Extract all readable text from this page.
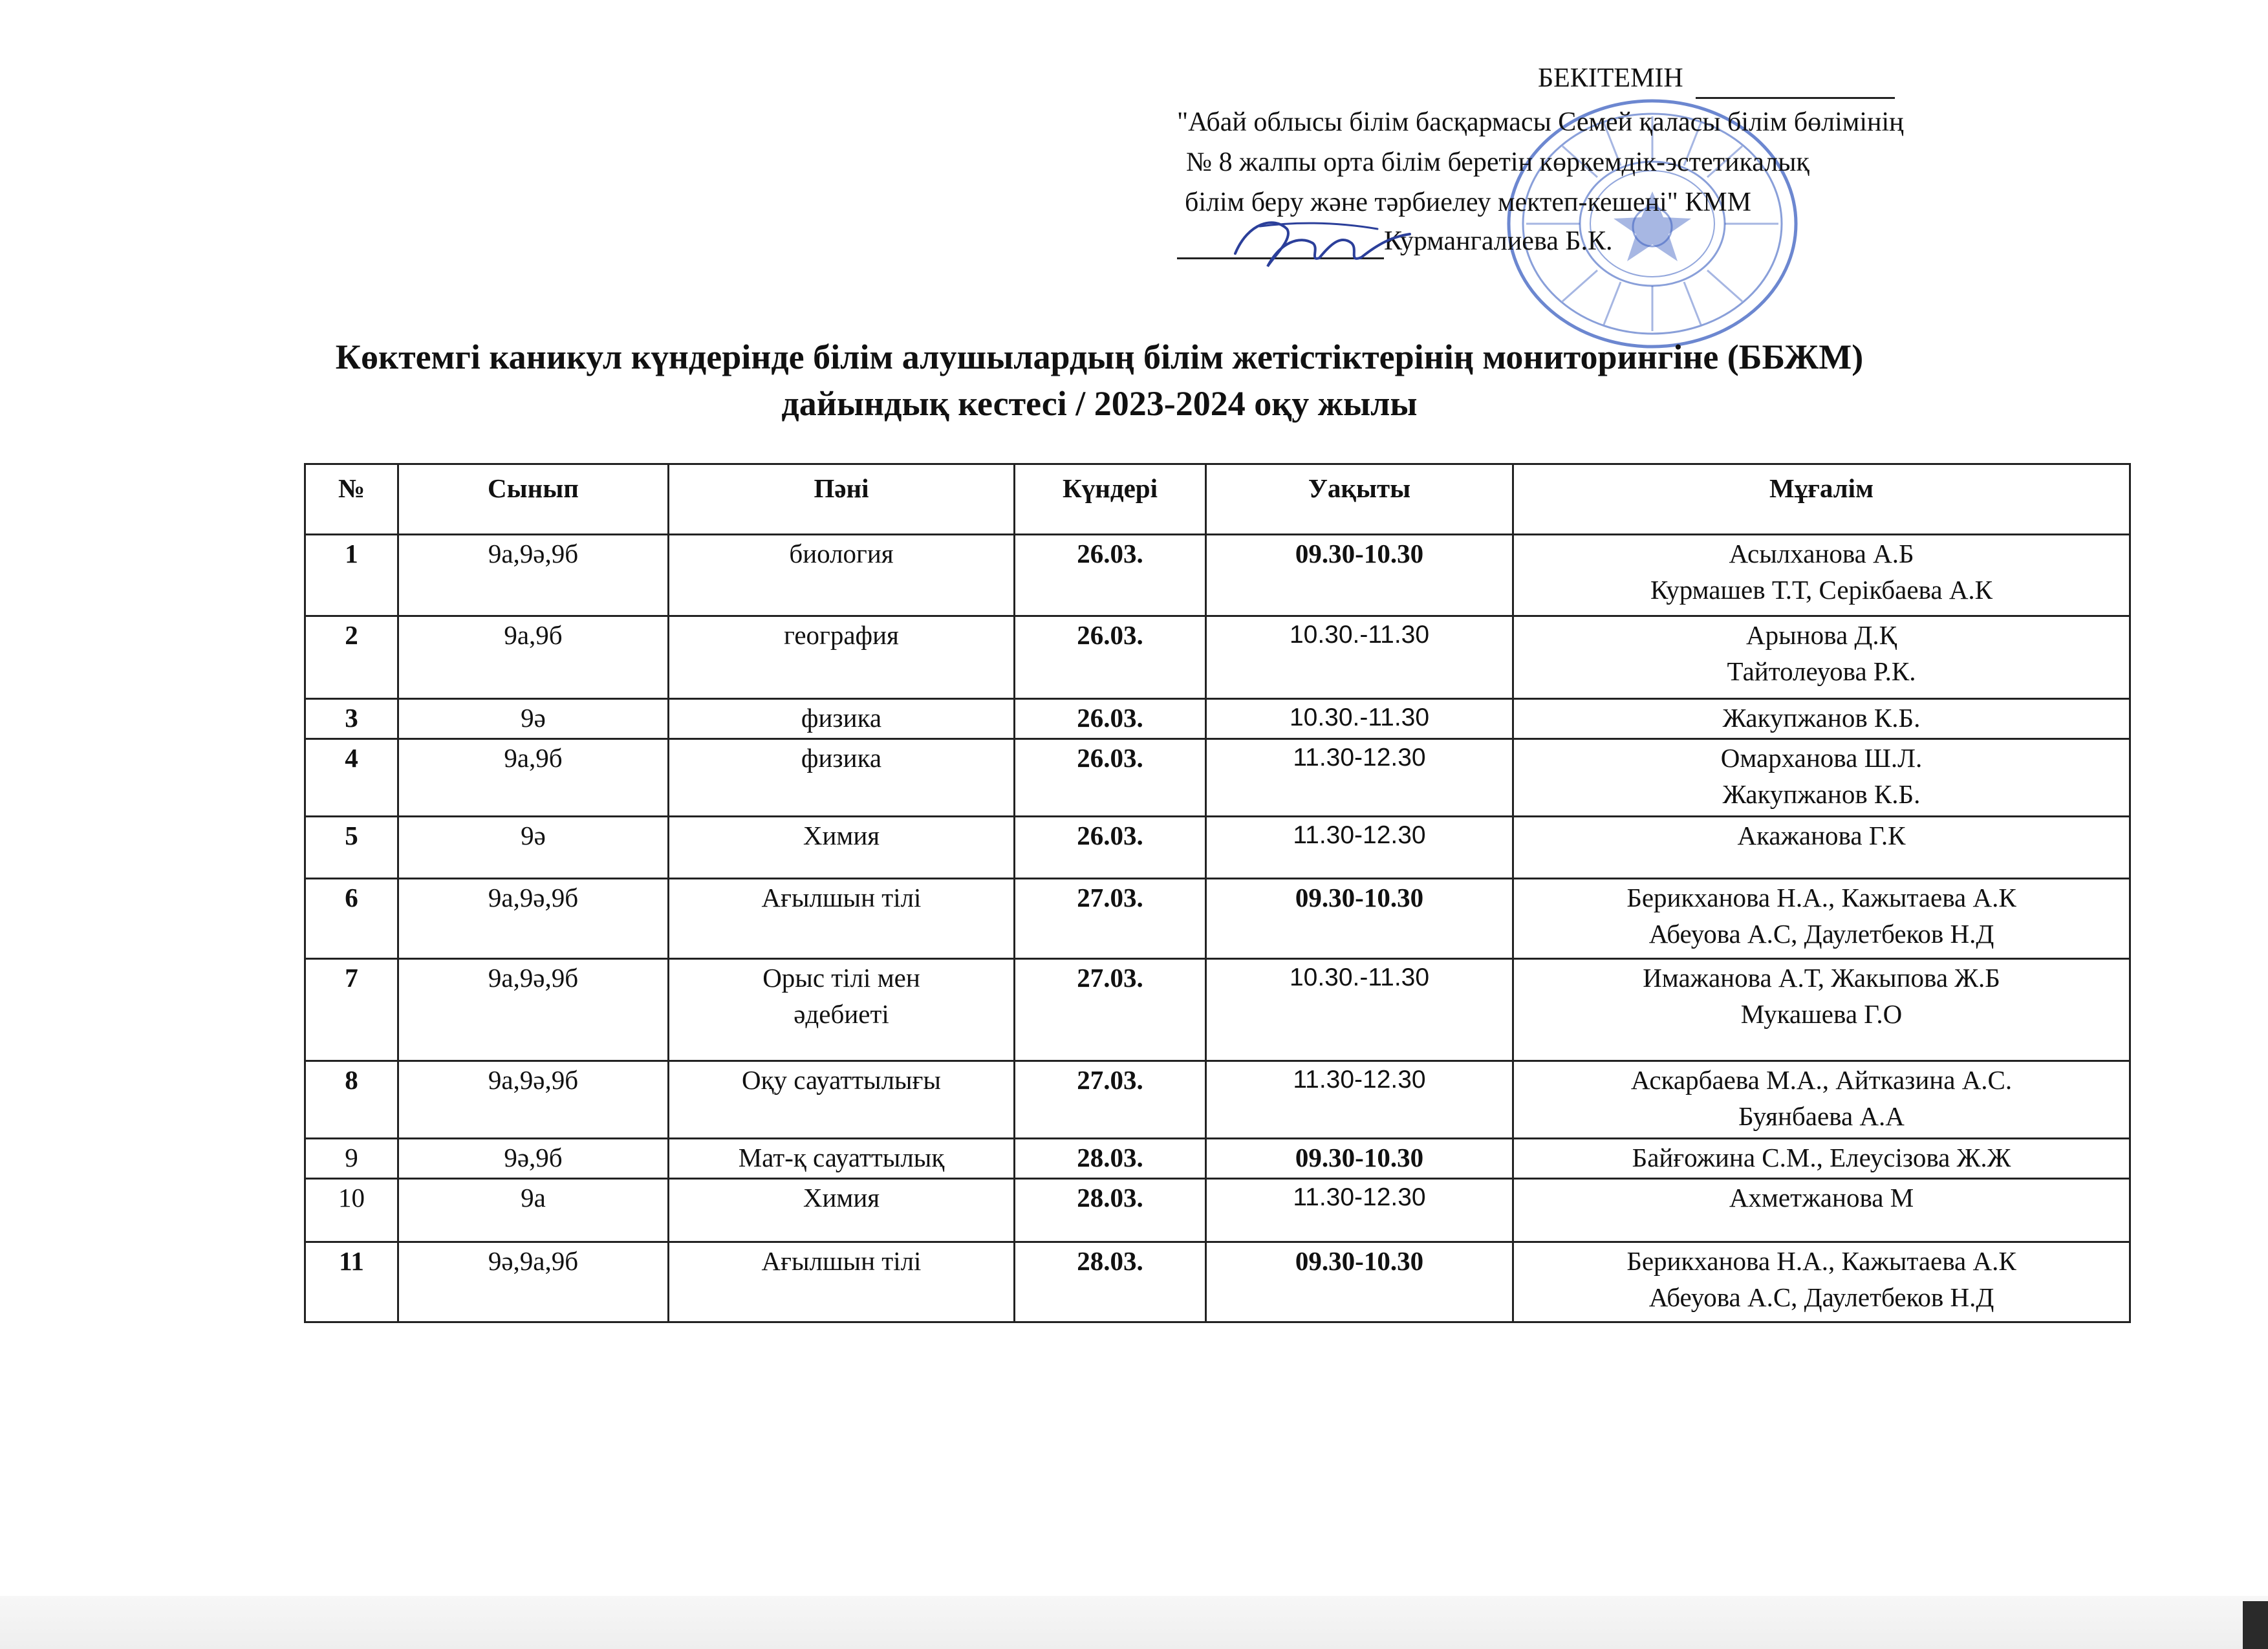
БЕКІТЕМІН
"Абай облысы білім басқармасы Семей қаласы білім бөлімінің
№ 8 жалпы орта білім беретін көркемдік-эстетикалық
білім беру және тәрбиелеу мектеп-кешені" КММ
Курмангалиева Б.К.
Көктемгі каникул күндерінде білім алушылардың білім жетістіктерінің мониторингіне (ББЖМ)
дайындық кестесі / 2023-2024 оқу жылы
№	Сынып	Пәні	Күндері	Уақыты	Мұғалім
1	9а,9ә,9б	биология	26.03.	09.30-10.30	Асылханова А.Б
Курмашев Т.Т, Серікбаева А.К

2	9а,9б	география	26.03.	10.30.-11.30	Арынова Д.Қ
Тайтолеуова Р.К.

3	9ә	физика	26.03.	10.30.-11.30	Жакупжанов К.Б.

4	9а,9б	физика	26.03.	11.30-12.30	Омарханова Ш.Л.
Жакупжанов К.Б.

5	9ә	Химия	26.03.	11.30-12.30	Акажанова Г.К

6	9а,9ә,9б	Ағылшын тілі	27.03.	09.30-10.30	Берикханова Н.А., Кажытаева А.К
Абеуова А.С, Даулетбеков Н.Д

7	9а,9ә,9б	Орыс тілі мен
әдебиеті	27.03.	10.30.-11.30	Имажанова А.Т, Жакыпова Ж.Б
Мукашева Г.О

8	9а,9ә,9б	Оқу сауаттылығы	27.03.	11.30-12.30	Аскарбаева М.А., Айтказина А.С.
Буянбаева А.А

9	9ә,9б	Мат-қ сауаттылық	28.03.	09.30-10.30	Байғожина С.М., Елеусізова Ж.Ж

10	9а	Химия	28.03.	11.30-12.30	Ахметжанова М

11	9ә,9а,9б	Ағылшын тілі	28.03.	09.30-10.30	Берикханова Н.А., Кажытаева А.К
Абеуова А.С, Даулетбеков Н.Д
